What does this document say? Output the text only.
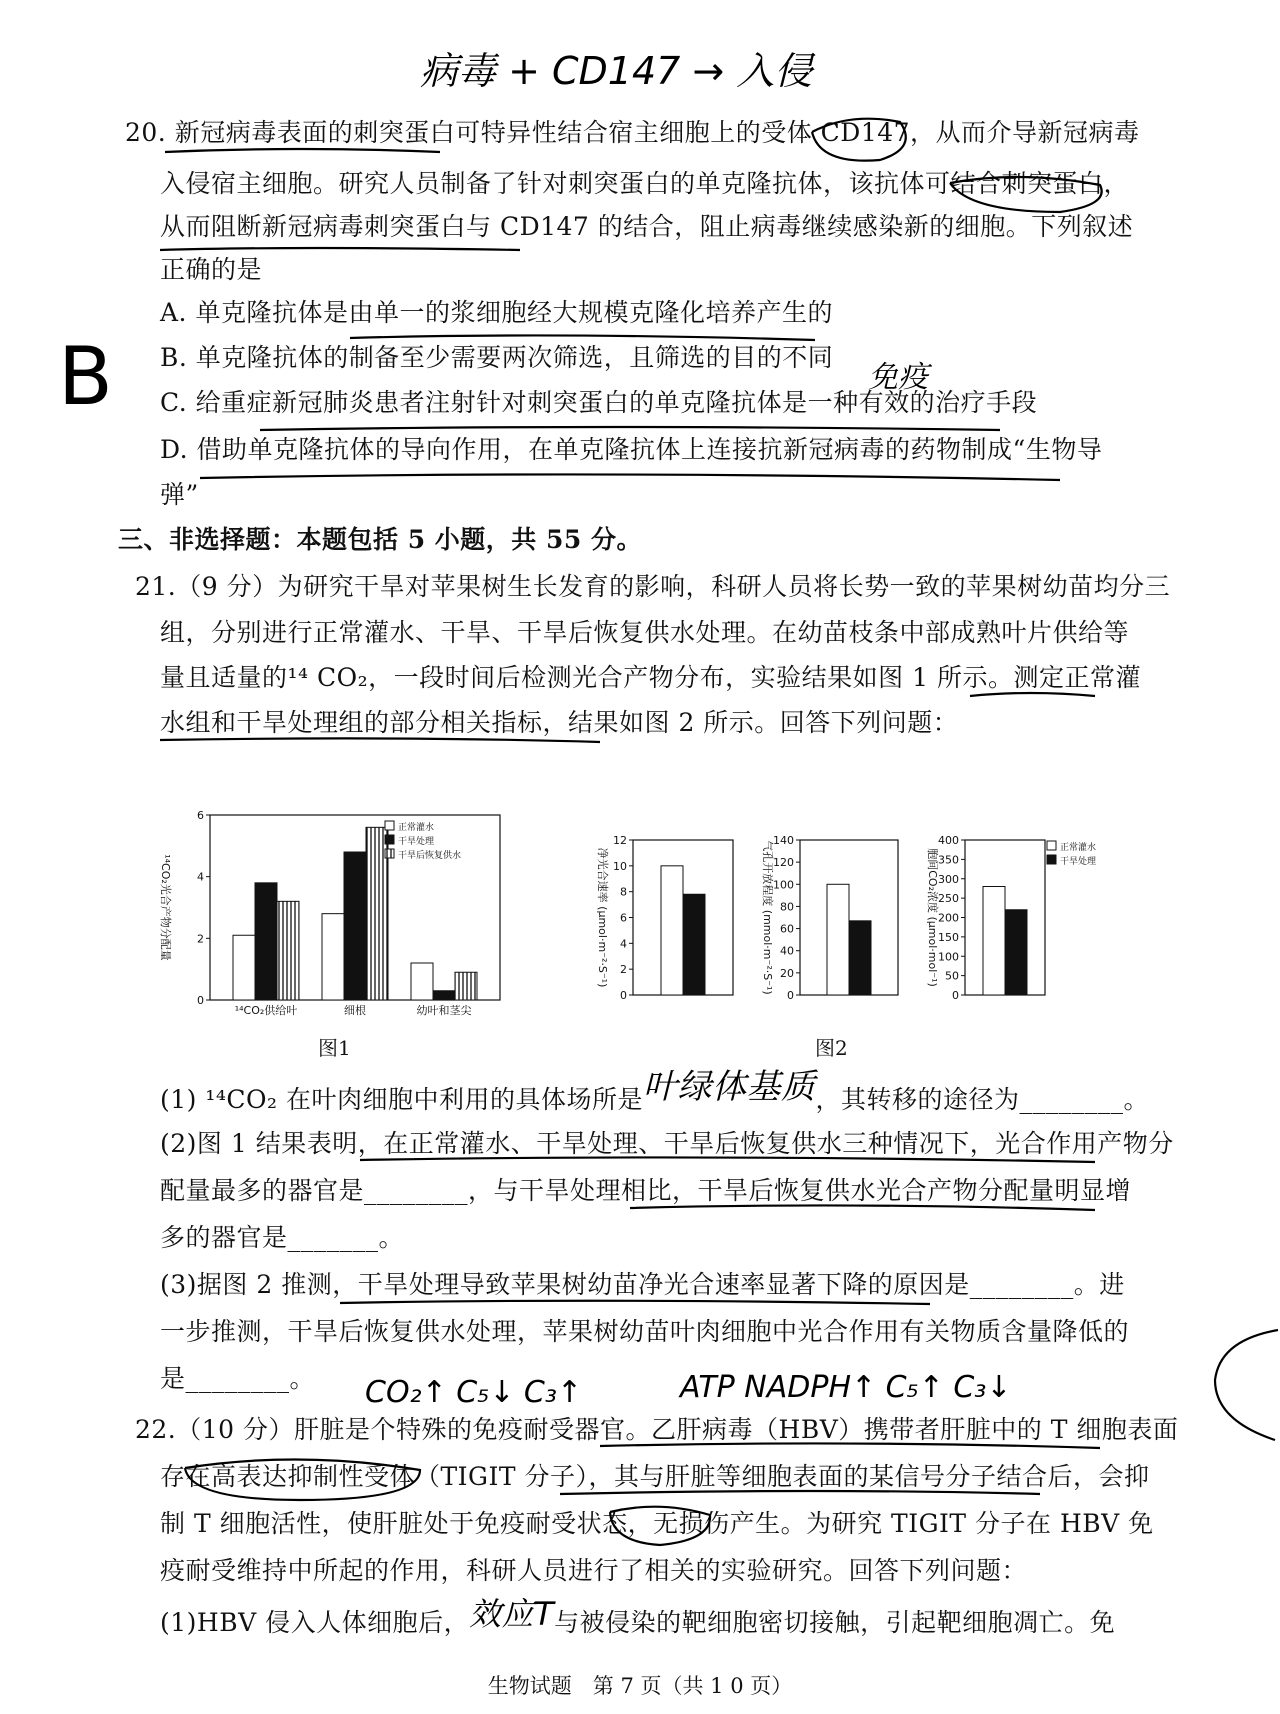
病毒 + CD147 → 入侵
20. 新冠病毒表面的刺突蛋白可特异性结合宿主细胞上的受体 CD147，从而介导新冠病毒
入侵宿主细胞。研究人员制备了针对刺突蛋白的单克隆抗体，该抗体可结合刺突蛋白，
从而阻断新冠病毒刺突蛋白与 CD147 的结合，阻止病毒继续感染新的细胞。下列叙述
正确的是
A. 单克隆抗体是由单一的浆细胞经大规模克隆化培养产生的
B. 单克隆抗体的制备至少需要两次筛选，且筛选的目的不同
C. 给重症新冠肺炎患者注射针对刺突蛋白的单克隆抗体是一种有效的治疗手段
D. 借助单克隆抗体的导向作用，在单克隆抗体上连接抗新冠病毒的药物制成“生物导
弹”
B	免疫
三、非选择题：本题包括 5 小题，共 55 分。
21.（9 分）为研究干旱对苹果树生长发育的影响，科研人员将长势一致的苹果树幼苗均分三
组，分别进行正常灌水、干旱、干旱后恢复供水处理。在幼苗枝条中部成熟叶片供给等
量且适量的¹⁴ CO₂，一段时间后检测光合产物分布，实验结果如图 1 所示。测定正常灌
水组和干旱处理组的部分相关指标，结果如图 2 所示。回答下列问题：
0
2
4
6
¹⁴CO₂光合产物分配量
¹⁴CO₂供给叶	细根	幼叶和茎尖
正常灌水
干旱处理
干旱后恢复供水
图1
0
2
4
6
8
10
12
净光合速率 (μmol·m⁻²·S⁻¹)
0
20
40
60
80
100
120
140
气孔开放程度 (mmol·m⁻²·S⁻¹)
0
50
100
150
200
250
300
350
400
胞间CO₂浓度 (μmol·mol⁻¹)
正常灌水
干旱处理
图2
(1) ¹⁴CO₂ 在叶肉细胞中利用的具体场所是叶绿体基质，其转移的途径为________。
(2)图 1 结果表明，在正常灌水、干旱处理、干旱后恢复供水三种情况下，光合作用产物分
配量最多的器官是________，与干旱处理相比，干旱后恢复供水光合产物分配量明显增
多的器官是_______。
(3)据图 2 推测，干旱处理导致苹果树幼苗净光合速率显著下降的原因是________。进
一步推测，干旱后恢复供水处理，苹果树幼苗叶肉细胞中光合作用有关物质含量降低的
是________。 CO₂↑ C₅↓ C₃↑	ATP NADPH↑ C₅↑ C₃↓
22.（10 分）肝脏是个特殊的免疫耐受器官。乙肝病毒（HBV）携带者肝脏中的 T 细胞表面
存在高表达抑制性受体（TIGIT 分子），其与肝脏等细胞表面的某信号分子结合后，会抑
制 T 细胞活性，使肝脏处于免疫耐受状态，无损伤产生。为研究 TIGIT 分子在 HBV 免
疫耐受维持中所起的作用，科研人员进行了相关的实验研究。回答下列问题：
(1)HBV 侵入人体细胞后，效应T与被侵染的靶细胞密切接触，引起靶细胞凋亡。免
生物试题　第 7 页（共 1 0 页）
